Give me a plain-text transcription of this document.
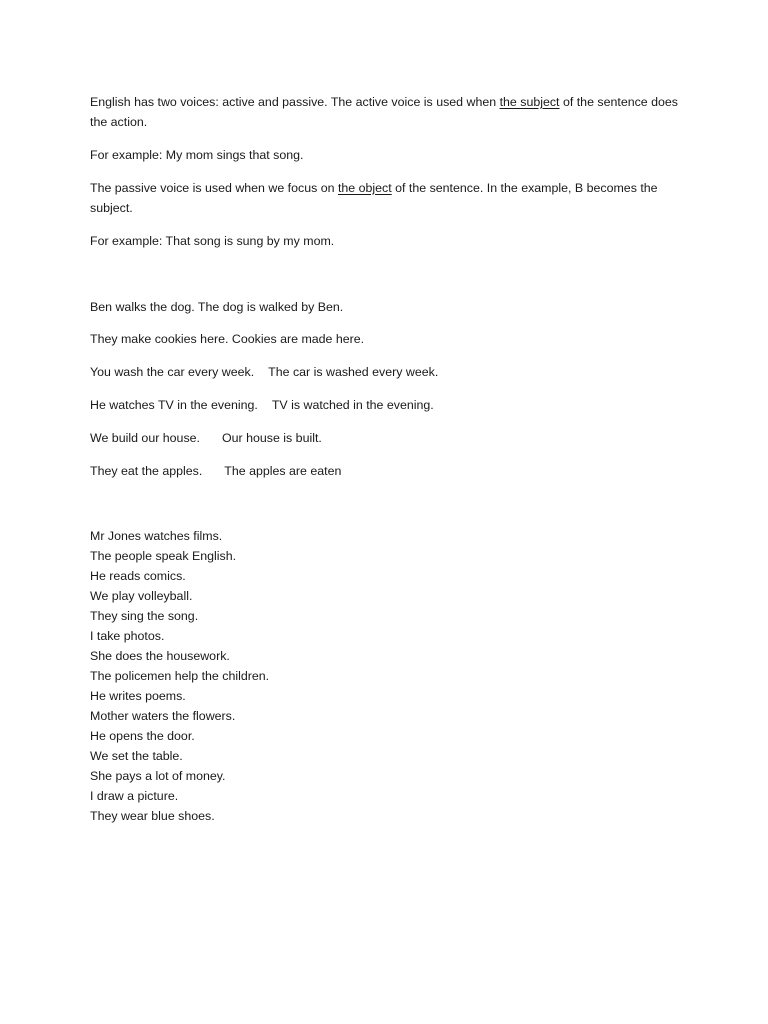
English has two voices: active and passive. The active voice is used when the subject of the sentence does the action.

For example: My mom sings that song.

The passive voice is used when we focus on the object of the sentence. In the example, B becomes the subject.

For example: That song is sung by my mom.

Ben walks the dog. The dog is walked by Ben.

They make cookies here. Cookies are made here.

You wash the car every week. The car is washed every week.

He watches TV in the evening. TV is watched in the evening.

We build our house. Our house is built.

They eat the apples. The apples are eaten

Mr Jones watches films.
The people speak English.
He reads comics.
We play volleyball.
They sing the song.
I take photos.
She does the housework.
The policemen help the children.
He writes poems.
Mother waters the flowers.
He opens the door.
We set the table.
She pays a lot of money.
I draw a picture.
They wear blue shoes.
